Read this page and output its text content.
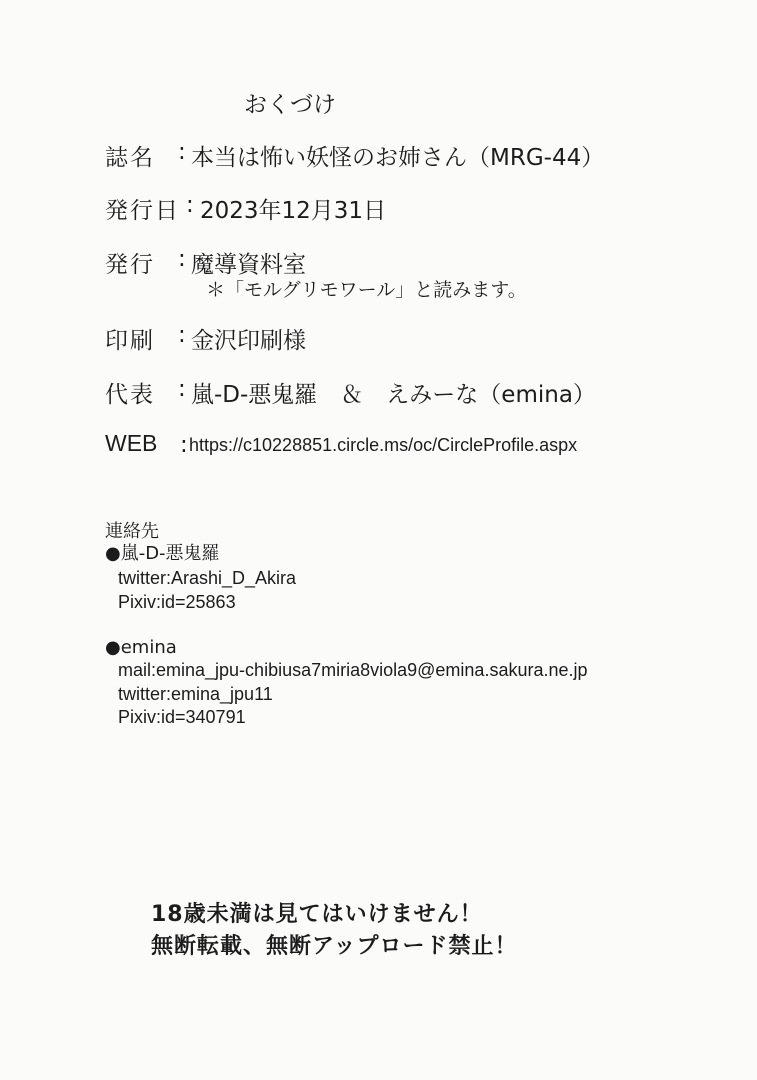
おくづけ
誌名 : 本当は怖い妖怪のお姉さん（MRG-44）
発行日 : 2023年12月31日
発行 : 魔導資料室
＊「モルグリモワール」と読みます。
印刷 : 金沢印刷様
代表 : 嵐-D-悪鬼羅　＆　えみーな（emina）
WEB : https://c10228851.circle.ms/oc/CircleProfile.aspx
連絡先
●嵐-D-悪鬼羅
twitter:Arashi_D_Akira
Pixiv:id=25863
●emina
mail:emina_jpu-chibiusa7miria8viola9@emina.sakura.ne.jp
twitter:emina_jpu11
Pixiv:id=340791
18歳未満は見てはいけません！
無断転載、無断アップロード禁止！
